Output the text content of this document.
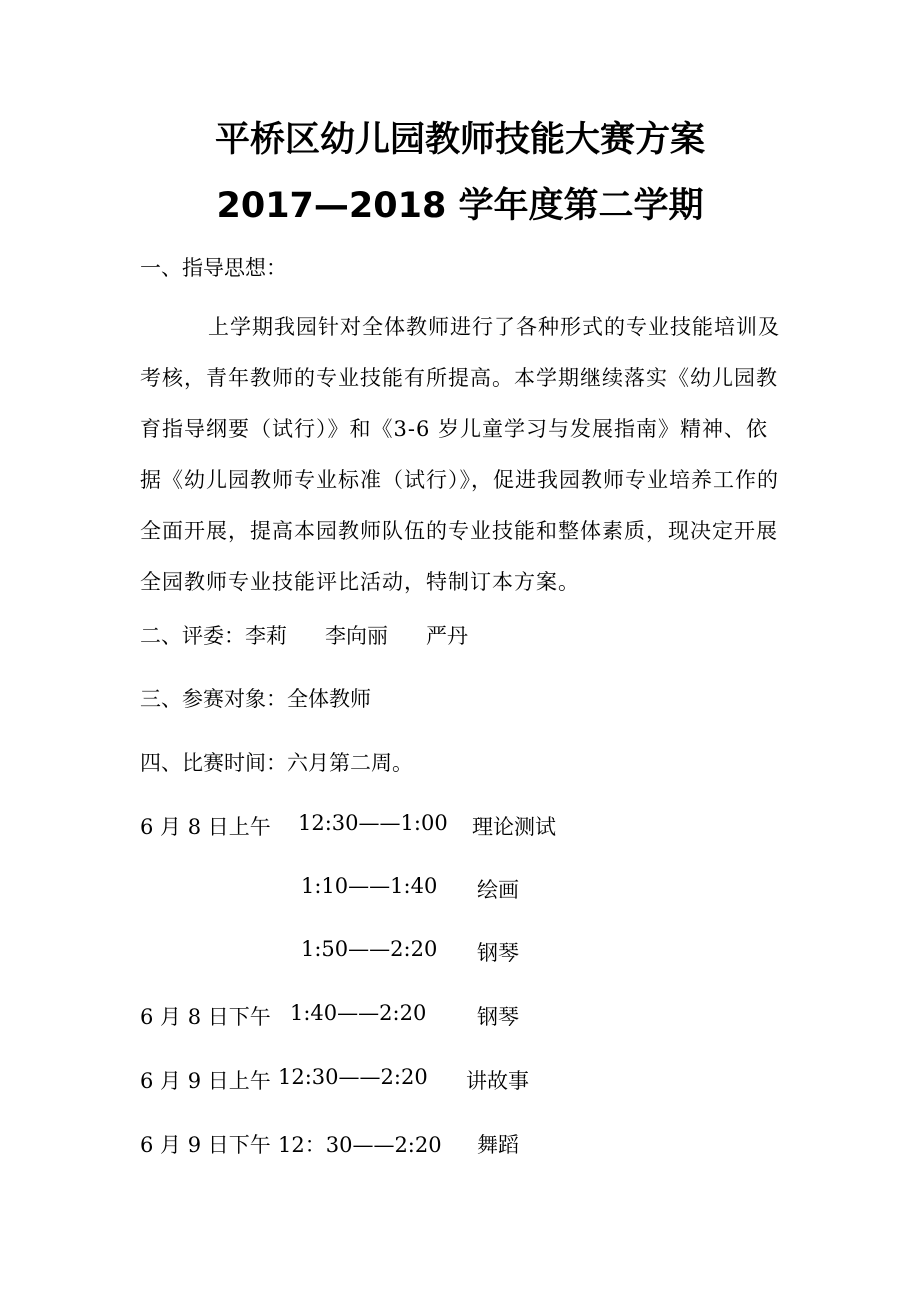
平桥区幼儿园教师技能大赛方案
2017—2018 学年度第二学期
一、指导思想：

上学期我园针对全体教师进行了各种形式的专业技能培训及考核，青年教师的专业技能有所提高。本学期继续落实《幼儿园教育指导纲要（试行）》和《3-6 岁儿童学习与发展指南》精神、依据《幼儿园教师专业标准（试行）》，促进我园教师专业培养工作的全面开展，提高本园教师队伍的专业技能和整体素质，现决定开展全园教师专业技能评比活动，特制订本方案。

二、评委：李莉 李向丽 严丹
三、参赛对象：全体教师
四、比赛时间：六月第二周。
6 月 8 日上午 12:30——1:00 理论测试
1:10——1:40 绘画
1:50——2:20 钢琴
6 月 8 日下午 1:40——2:20 钢琴
6 月 9 日上午 12:30——2:20 讲故事
6 月 9 日下午 12：30——2:20 舞蹈
